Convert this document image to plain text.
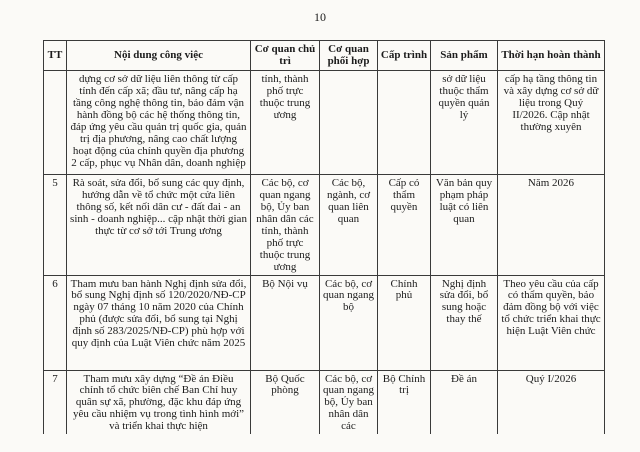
10
TT	Nội dung công việc	Cơ quan chủ trì	Cơ quan phối hợp	Cấp trình	Sản phẩm	Thời hạn hoàn thành
	dựng cơ sở dữ liệu liên thông từ cấp tỉnh đến cấp xã; đầu tư, nâng cấp hạ tầng công nghệ thông tin, bảo đảm vận hành đồng bộ các hệ thống thông tin, đáp ứng yêu cầu quản trị quốc gia, quản trị địa phương, nâng cao chất lượng hoạt động của chính quyền địa phương 2 cấp, phục vụ Nhân dân, doanh nghiệp	tỉnh, thành phố trực thuộc trung ương			sở dữ liệu thuộc thẩm quyền quản lý	cấp hạ tầng thông tin và xây dựng cơ sở dữ liệu trong Quý II/2026. Cập nhật thường xuyên
5	Rà soát, sửa đổi, bổ sung các quy định, hướng dẫn về tổ chức một cửa liên thông số, kết nối dân cư - đất đai - an sinh - doanh nghiệp... cập nhật thời gian thực từ cơ sở tới Trung ương	Các bộ, cơ quan ngang bộ, Ủy ban nhân dân các tỉnh, thành phố trực thuộc trung ương	Các bộ, ngành, cơ quan liên quan	Cấp có thẩm quyền	Văn bản quy phạm pháp luật có liên quan	Năm 2026
6	Tham mưu ban hành Nghị định sửa đổi, bổ sung Nghị định số 120/2020/NĐ-CP ngày 07 tháng 10 năm 2020 của Chính phủ (được sửa đổi, bổ sung tại Nghị định số 283/2025/NĐ-CP) phù hợp với quy định của Luật Viên chức năm 2025	Bộ Nội vụ	Các bộ, cơ quan ngang bộ	Chính phủ	Nghị định sửa đổi, bổ sung hoặc thay thế	Theo yêu cầu của cấp có thẩm quyền, bảo đảm đồng bộ với việc tổ chức triển khai thực hiện Luật Viên chức
7	Tham mưu xây dựng “Đề án Điều chỉnh tổ chức biên chế Ban Chỉ huy quân sự xã, phường, đặc khu đáp ứng yêu cầu nhiệm vụ trong tình hình mới” và triển khai thực hiện	Bộ Quốc phòng	Các bộ, cơ quan ngang bộ, Ủy ban nhân dân các	Bộ Chính trị	Đề án	Quý I/2026
